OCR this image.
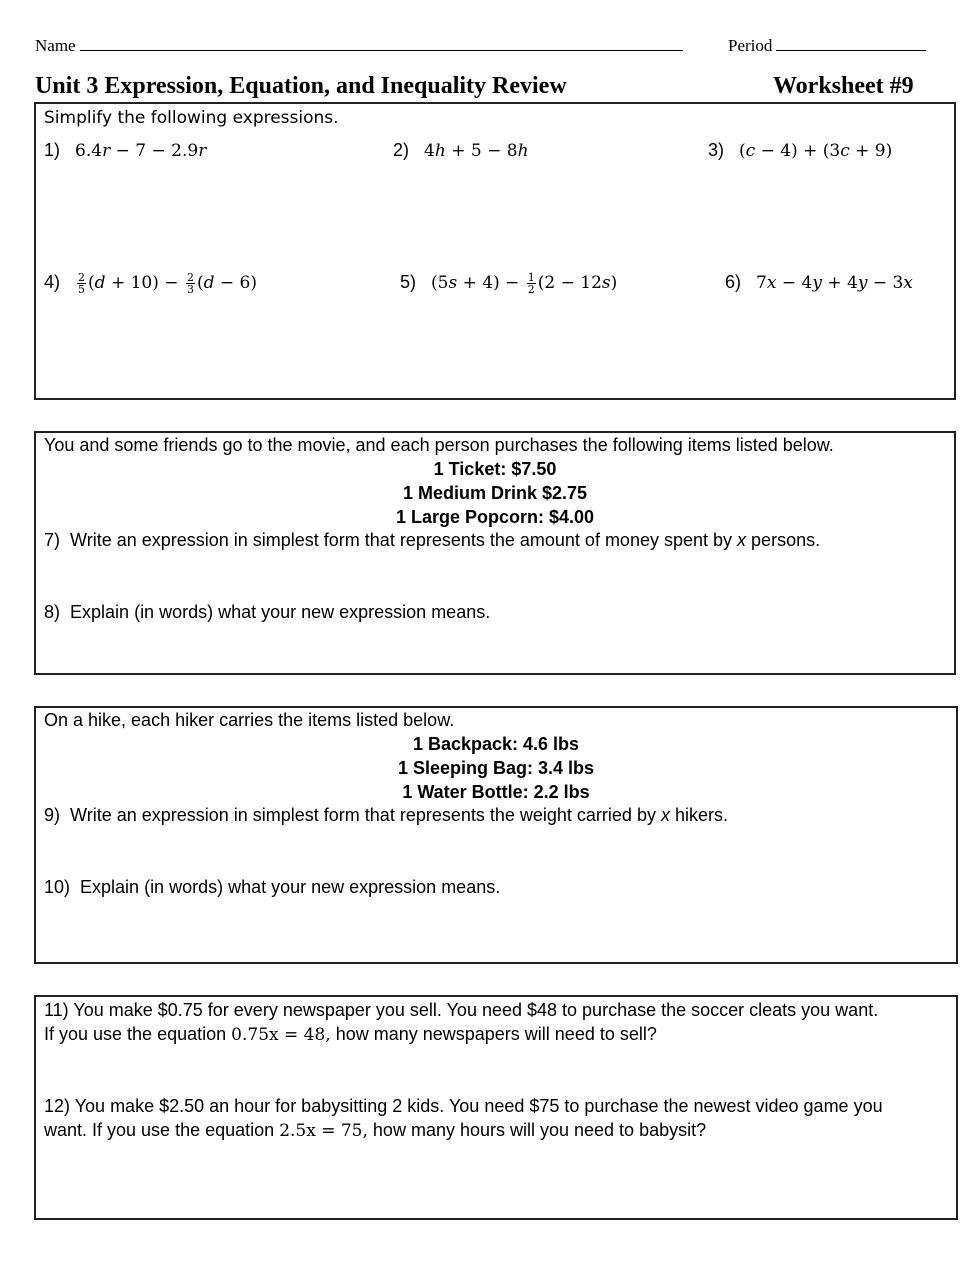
Name	Period
Unit 3 Expression, Equation, and Inequality Review	Worksheet #9
Simplify the following expressions.
1) 6.4r − 7 − 2.9r	2) 4h + 5 − 8h	3) (c − 4) + (3c + 9)
$4) \frac{2}{5} (d + 10) - \frac{2}{3} (d - 6)$	5) $(5s + 4) - \frac{1}{2} (2 - 12s)$	6) 7x − 4y + 4y − 3x
You and some friends go to the movie, and each person purchases the following items listed below.
1 Ticket: $7.50
1 Medium Drink $2.75
1 Large Popcorn: $4.00
7) Write an expression in simplest form that represents the amount of money spent by x persons.
8) Explain (in words) what your new expression means.
On a hike, each hiker carries the items listed below.
1 Backpack: 4.6 lbs
1 Sleeping Bag: 3.4 lbs
1 Water Bottle: 2.2 lbs
9) Write an expression in simplest form that represents the weight carried by x hikers.
10) Explain (in words) what your new expression means.
11) You make $0.75 for every newspaper you sell. You need $48 to purchase the soccer cleats you want.
If you use the equation 0.75x = 48, how many newspapers will need to sell?
12) You make $2.50 an hour for babysitting 2 kids. You need $75 to purchase the newest video game you
want. If you use the equation 2.5x = 75, how many hours will you need to babysit?
